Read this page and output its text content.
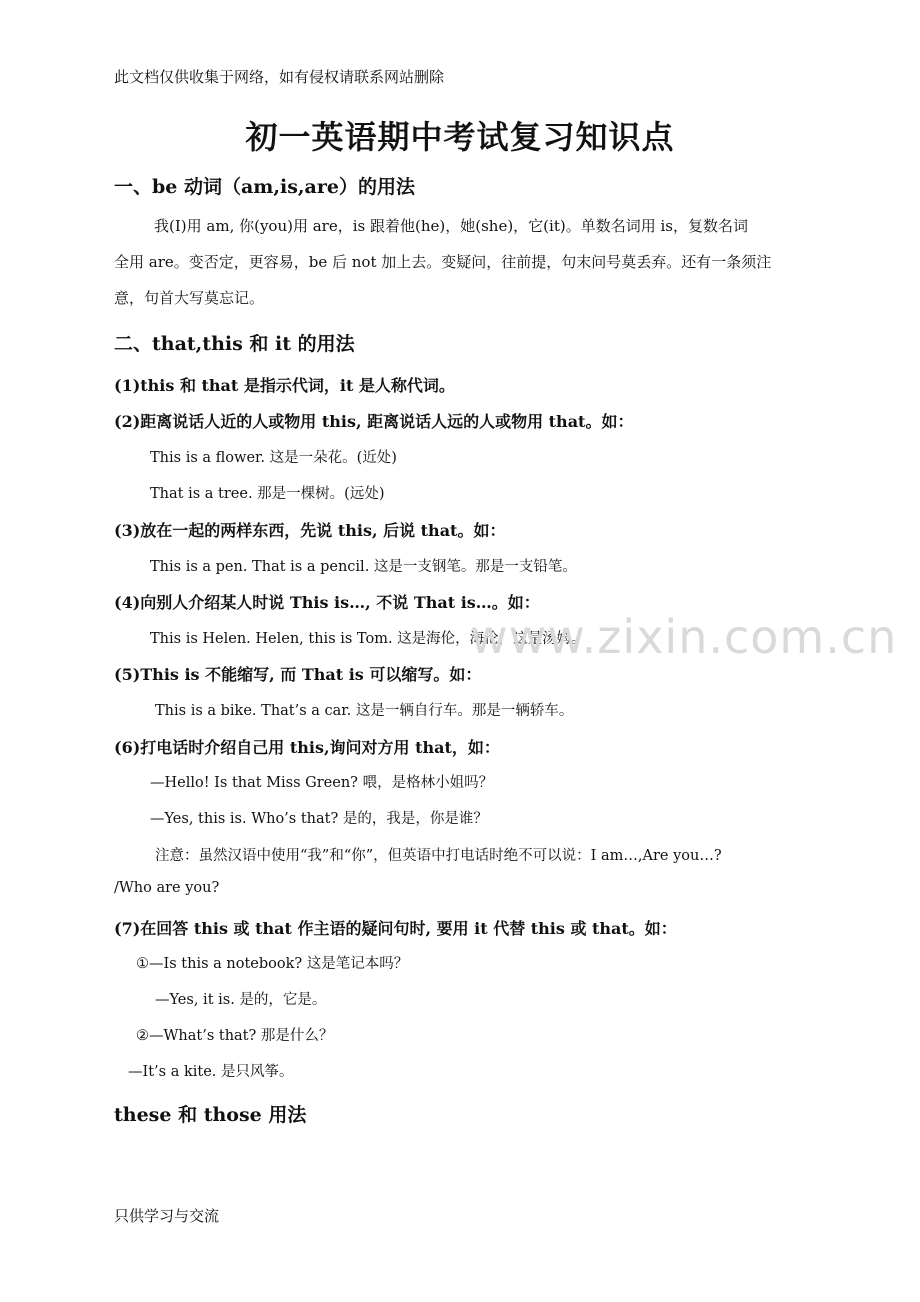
此文档仅供收集于网络，如有侵权请联系网站删除
初一英语期中考试复习知识点
一、be 动词（am,is,are）的用法

我(I)用 am, 你(you)用 are，is 跟着他(he)，她(she)，它(it)。单数名词用 is，复数名词

全用 are。变否定，更容易，be 后 not 加上去。变疑问，往前提，句末问号莫丢弃。还有一条须注

意，句首大写莫忘记。

二、that,this 和 it 的用法
(1)this 和 that 是指示代词，it 是人称代词。
(2)距离说话人近的人或物用 this, 距离说话人远的人或物用 that。如：
This is a flower. 这是一朵花。(近处)
That is a tree. 那是一棵树。(远处)
(3)放在一起的两样东西，先说 this, 后说 that。如：
This is a pen. That is a pencil. 这是一支钢笔。那是一支铅笔。
(4)向别人介绍某人时说 This is…, 不说 That is…。如：
This is Helen. Helen, this is Tom. 这是海伦，海伦，这是汤姆。
(5)This is 不能缩写, 而 That is 可以缩写。如：
This is a bike. That’s a car. 这是一辆自行车。那是一辆轿车。
(6)打电话时介绍自己用 this,询问对方用 that，如：
—Hello! Is that Miss Green? 喂，是格林小姐吗？
—Yes, this is. Who’s that? 是的，我是，你是谁？
注意：虽然汉语中使用“我”和“你”，但英语中打电话时绝不可以说：I am…,Are you…?
/Who are you?
(7)在回答 this 或 that 作主语的疑问句时, 要用 it 代替 this 或 that。如：
①—Is this a notebook? 这是笔记本吗？
—Yes, it is. 是的，它是。
②—What’s that? 那是什么？
—It’s a kite. 是只风筝。
these 和 those 用法
www.zixin.com.cn
只供学习与交流
